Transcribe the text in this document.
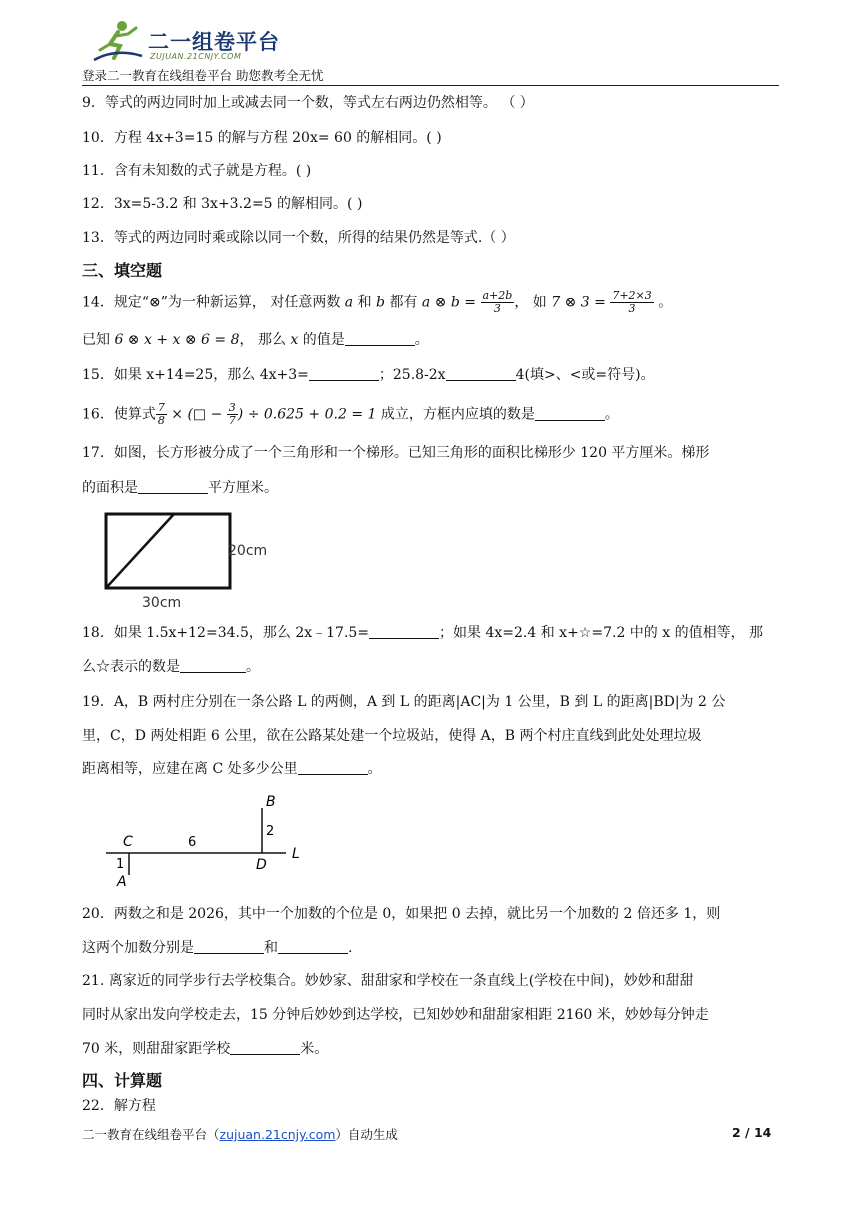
二一组卷平台
ZUJUAN.21CNJY.COM
登录二一教育在线组卷平台 助您教考全无忧
9．等式的两边同时加上或减去同一个数，等式左右两边仍然相等。 （ ）
10．方程 4x+3=15 的解与方程 20x= 60 的解相同。( )
11．含有未知数的式子就是方程。( )
12．3x=5-3.2 和 3x+3.2=5 的解相同。( )
13．等式的两边同时乘或除以同一个数，所得的结果仍然是等式.（ ）
三、填空题
14．规定“⊗”为一种新运算， 对任意两数 a 和 b 都有 a ⊗ $b = \frac{a+2b}{3}$ ， 如 7 ⊗ $3 = \frac{7+2\times 3}{3}$ 。
已知 6 ⊗ x + x ⊗ 6 = 8， 那么 x 的值是	。
15．如果 x+14=25，那么 4x+3=	；25.8-2x	4(填>、<或=符号)。
16．使算式 $\frac{7}{8}$ × (□ − $\frac{3}{7}$ ) ÷ 0.625 + 0.2 = 1 成立，方框内应填的数是	。
17．如图，长方形被分成了一个三角形和一个梯形。已知三角形的面积比梯形少 120 平方厘米。梯形
的面积是	平方厘米。
20cm
30cm
18．如果 1.5x+12=34.5，那么 2x﹣17.5=	；如果 4x=2.4 和 x+☆=7.2 中的 x 的值相等， 那
么☆表示的数是	。
19．A，B 两村庄分别在一条公路 L 的两侧，A 到 L 的距离|AC|为 1 公里，B 到 L 的距离|BD|为 2 公
里，C，D 两处相距 6 公里，欲在公路某处建一个垃圾站，使得 A，B 两个村庄直线到此处处理垃圾
距离相等，应建在离 C 处多少公里	。
B
2
C	6
D
L
1
A
20．两数之和是 2026，其中一个加数的个位是 0，如果把 0 去掉，就比另一个加数的 2 倍还多 1，则
这两个加数分别是	和	.
21. 离家近的同学步行去学校集合。妙妙家、甜甜家和学校在一条直线上(学校在中间)，妙妙和甜甜
同时从家出发向学校走去，15 分钟后妙妙到达学校，已知妙妙和甜甜家相距 2160 米，妙妙每分钟走
70 米，则甜甜家距学校	米。
四、计算题
22．解方程
二一教育在线组卷平台（zujuan.21cnjy.com）自动生成	2 / 14
